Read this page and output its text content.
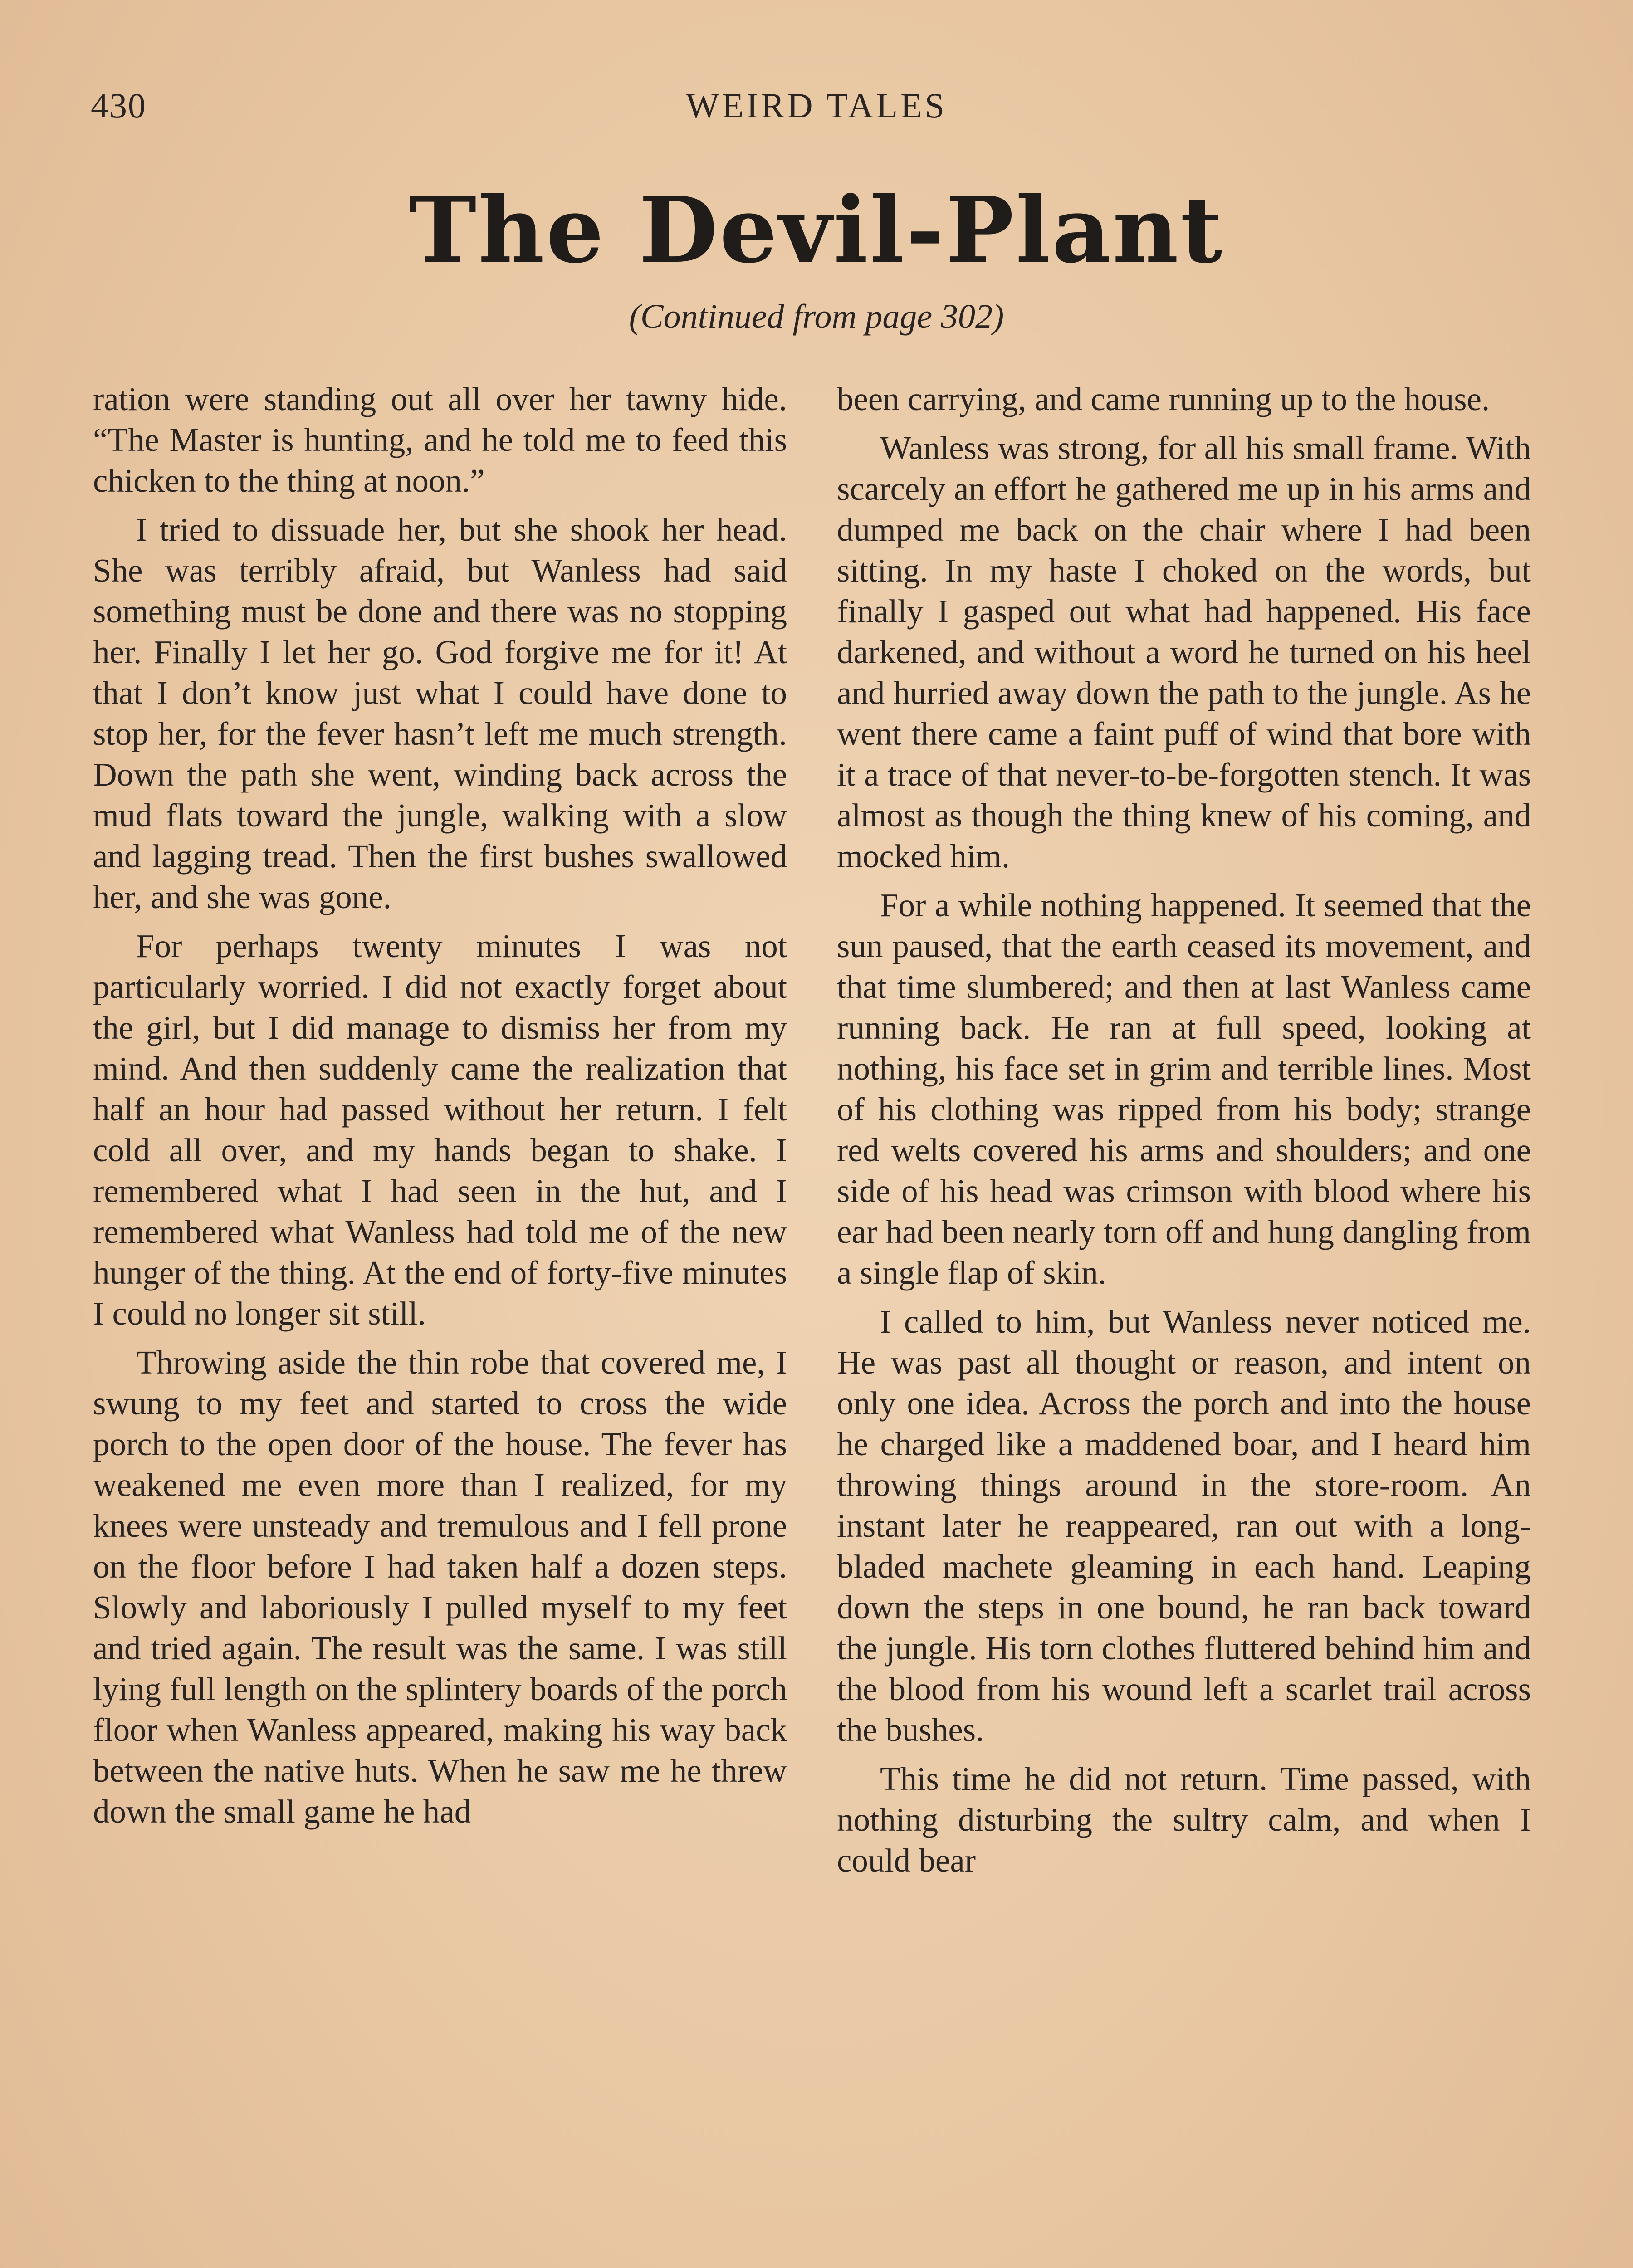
430	WEIRD TALES
The Devil-Plant
(Continued from page 302)

ration were standing out all over her tawny hide. “The Master is hunting, and he told me to feed this chicken to the thing at noon.”

I tried to dissuade her, but she shook her head. She was terribly afraid, but Wanless had said something must be done and there was no stopping her. Finally I let her go. God forgive me for it! At that I don’t know just what I could have done to stop her, for the fever hasn’t left me much strength. Down the path she went, winding back across the mud flats toward the jungle, walking with a slow and lagging tread. Then the first bushes swallowed her, and she was gone.

For perhaps twenty minutes I was not particularly worried. I did not exactly forget about the girl, but I did manage to dismiss her from my mind. And then suddenly came the realization that half an hour had passed without her return. I felt cold all over, and my hands began to shake. I remembered what I had seen in the hut, and I remembered what Wanless had told me of the new hunger of the thing. At the end of forty-five minutes I could no longer sit still.

Throwing aside the thin robe that covered me, I swung to my feet and started to cross the wide porch to the open door of the house. The fever has weakened me even more than I realized, for my knees were unsteady and tremulous and I fell prone on the floor before I had taken half a dozen steps. Slowly and laboriously I pulled myself to my feet and tried again. The result was the same. I was still lying full length on the splintery boards of the porch floor when Wanless appeared, making his way back between the native huts. When he saw me he threw down the small game he had

been carrying, and came running up to the house.

Wanless was strong, for all his small frame. With scarcely an effort he gathered me up in his arms and dumped me back on the chair where I had been sitting. In my haste I choked on the words, but finally I gasped out what had happened. His face darkened, and without a word he turned on his heel and hurried away down the path to the jungle. As he went there came a faint puff of wind that bore with it a trace of that never-to-be-forgotten stench. It was almost as though the thing knew of his coming, and mocked him.

For a while nothing happened. It seemed that the sun paused, that the earth ceased its movement, and that time slumbered; and then at last Wanless came running back. He ran at full speed, looking at nothing, his face set in grim and terrible lines. Most of his clothing was ripped from his body; strange red welts covered his arms and shoulders; and one side of his head was crimson with blood where his ear had been nearly torn off and hung dangling from a single flap of skin.

I called to him, but Wanless never noticed me. He was past all thought or reason, and intent on only one idea. Across the porch and into the house he charged like a maddened boar, and I heard him throwing things around in the store-room. An instant later he reappeared, ran out with a long-bladed machete gleaming in each hand. Leaping down the steps in one bound, he ran back toward the jungle. His torn clothes fluttered behind him and the blood from his wound left a scarlet trail across the bushes.

This time he did not return. Time passed, with nothing disturbing the sultry calm, and when I could bear
